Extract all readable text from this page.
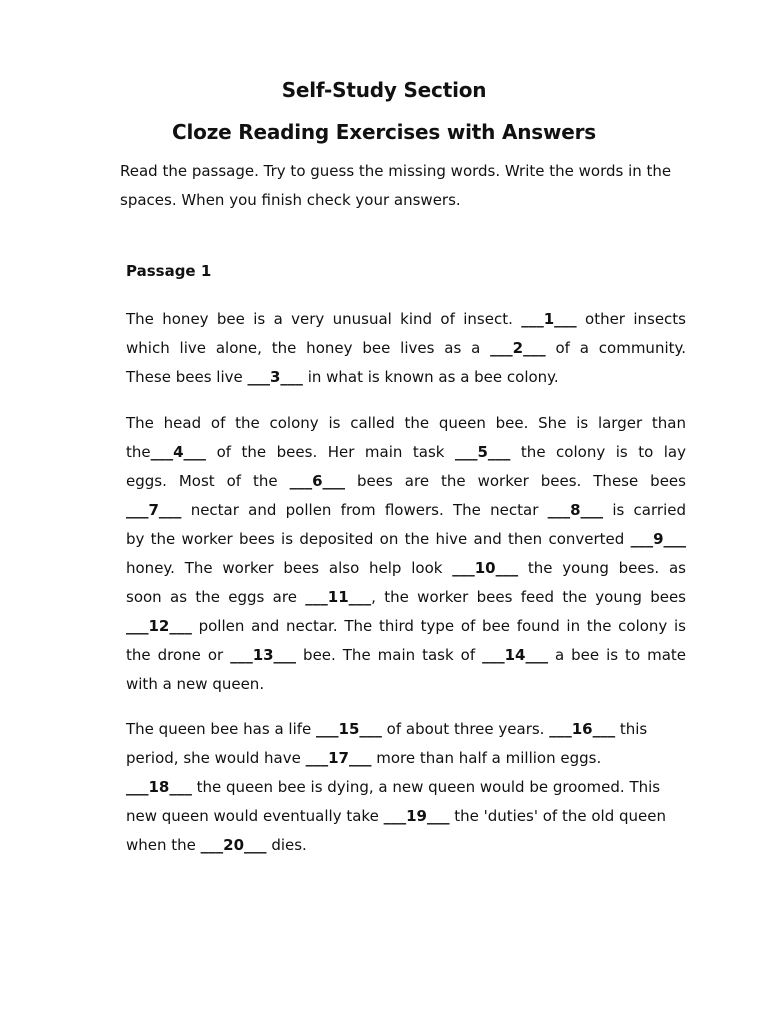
Self-Study Section
Cloze Reading Exercises with Answers
Read the passage. Try to guess the missing words. Write the words in the
spaces. When you finish check your answers.
Passage 1
The honey bee is a very unusual kind of insect. ___1___ other insects
which live alone, the honey bee lives as a ___2___ of a community.
These bees live ___3___ in what is known as a bee colony.
The head of the colony is called the queen bee. She is larger than
the___4___ of the bees. Her main task ___5___ the colony is to lay
eggs. Most of the ___6___ bees are the worker bees. These bees
___7___ nectar and pollen from flowers. The nectar ___8___ is carried
by the worker bees is deposited on the hive and then converted ___9___
honey. The worker bees also help look ___10___ the young bees. as
soon as the eggs are ___11___, the worker bees feed the young bees
___12___ pollen and nectar. The third type of bee found in the colony is
the drone or ___13___ bee. The main task of ___14___ a bee is to mate
with a new queen.
The queen bee has a life ___15___ of about three years. ___16___ this
period, she would have ___17___ more than half a million eggs.
___18___ the queen bee is dying, a new queen would be groomed. This
new queen would eventually take ___19___ the 'duties' of the old queen
when the ___20___ dies.
